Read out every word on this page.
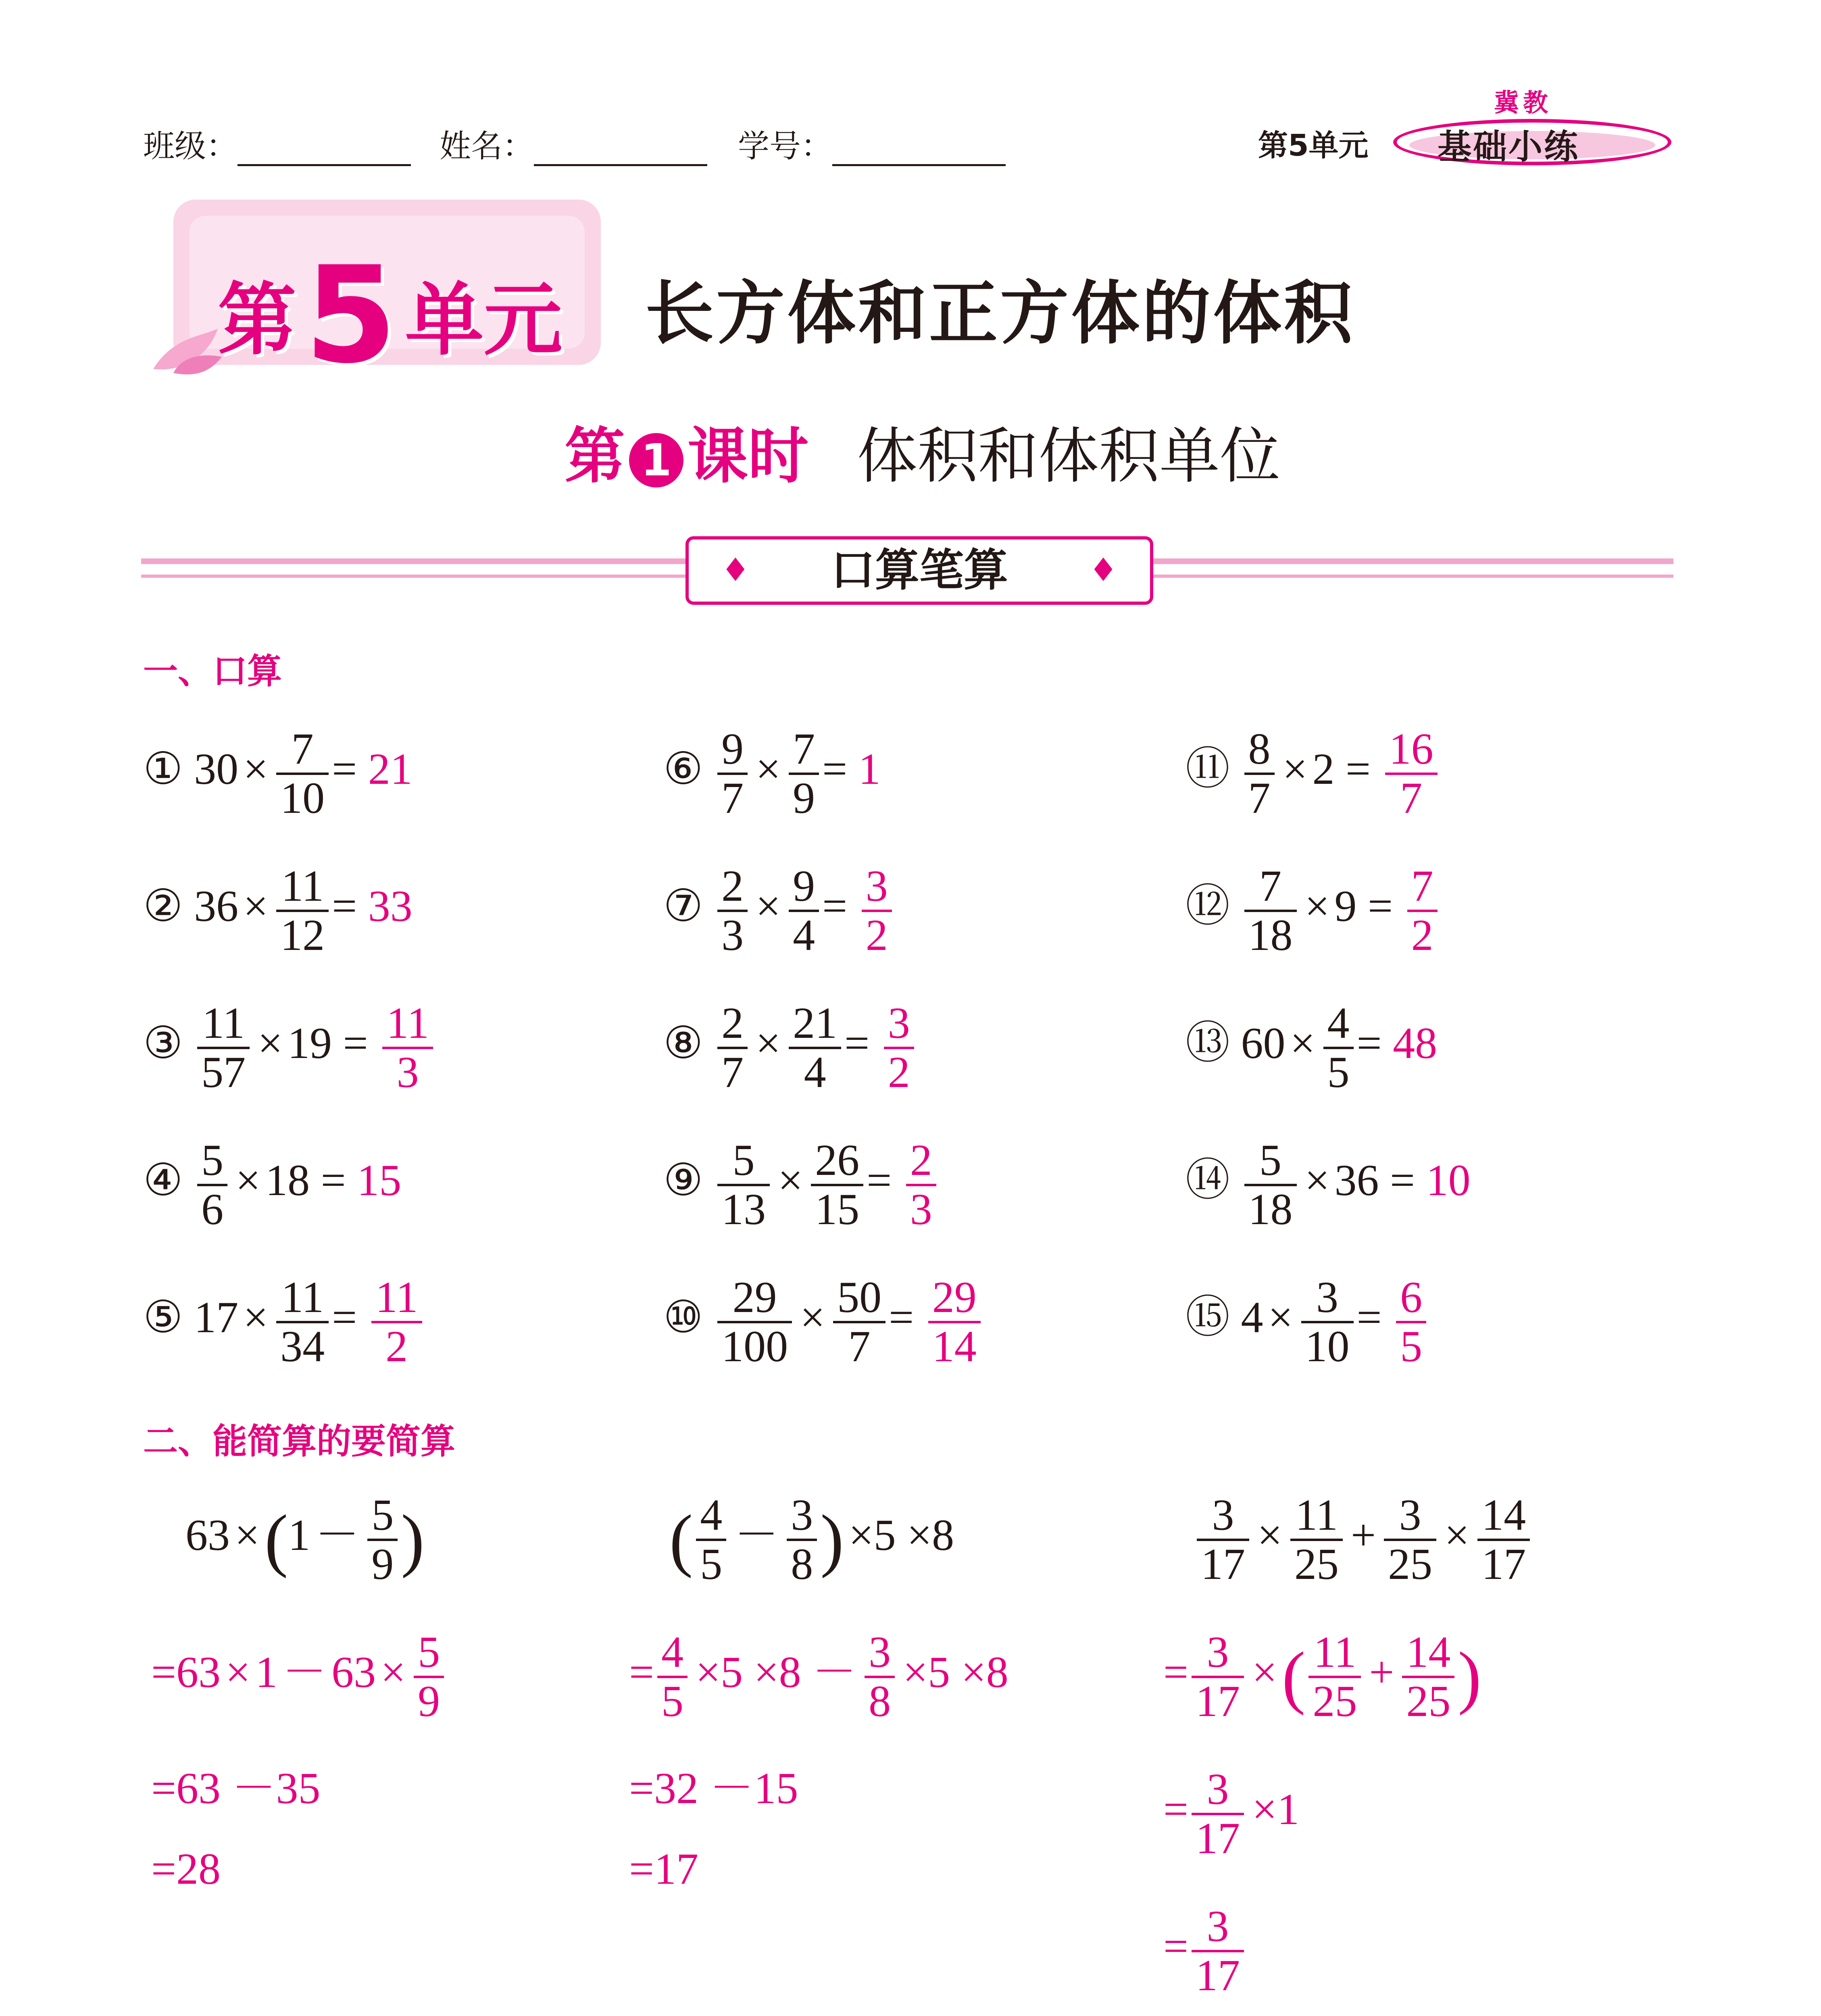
班级：	姓名：	学号：	第5单元
冀教
基础小练
第5 单元 长方体和正方体的体积
第 1 课时 体积和体积单位
♦ 口算笔算	♦
一、口算
① $30 \times \frac{7}{10} = 21$
② $36 \times \frac{11}{12} = 33$
③ $\frac{11}{57} \times 19 = \frac{11}{3}$
④ $\frac{5}{6} \times 18 = 15$
⑤ $17 \times \frac{11}{34} = \frac{11}{2}$
⑥ $\frac{9}{7} \times \frac{7}{9} = 1$
⑦ $\frac{2}{3} \times \frac{9}{4} = \frac{3}{2}$
⑧ $\frac{2}{7} \times \frac{21}{4} = \frac{3}{2}$
⑨ $\frac{5}{13} \times \frac{26}{15} = \frac{2}{3}$
⑩ $\frac{29}{100} \times \frac{50}{7} = \frac{29}{14}$
⑪ $\frac{8}{7} \times 2 = \frac{16}{7}$
⑫ $\frac{7}{18} \times 9 = \frac{7}{2}$
⑬ $60 \times \frac{4}{5} = 48$
⑭ $\frac{5}{18} \times 36 = 10$
⑮ $4 \times \frac{3}{10} = \frac{6}{5}$
二、能简算的要简算
$63 \times(1 - \frac{5}{9}$ )
$=63 \times 1 - 63 \times \frac{5}{9}$
=63 －35
=28
( $\frac{4}{5} - \frac{3}{8}$ ) ×5 ×8
= $\frac{4}{5} \times 5 \times 8 - \frac{3}{8} \times 5 \times 8$
=32 －15
=17
$\frac{3}{17} \times \frac{11}{25} + \frac{3}{25} \times \frac{14}{17}$
= $\frac{3}{17}$ ×( $\frac{11}{25} + \frac{14}{25}$ )
= $\frac{3}{17} \times 1$
= $\frac{3}{17}$
